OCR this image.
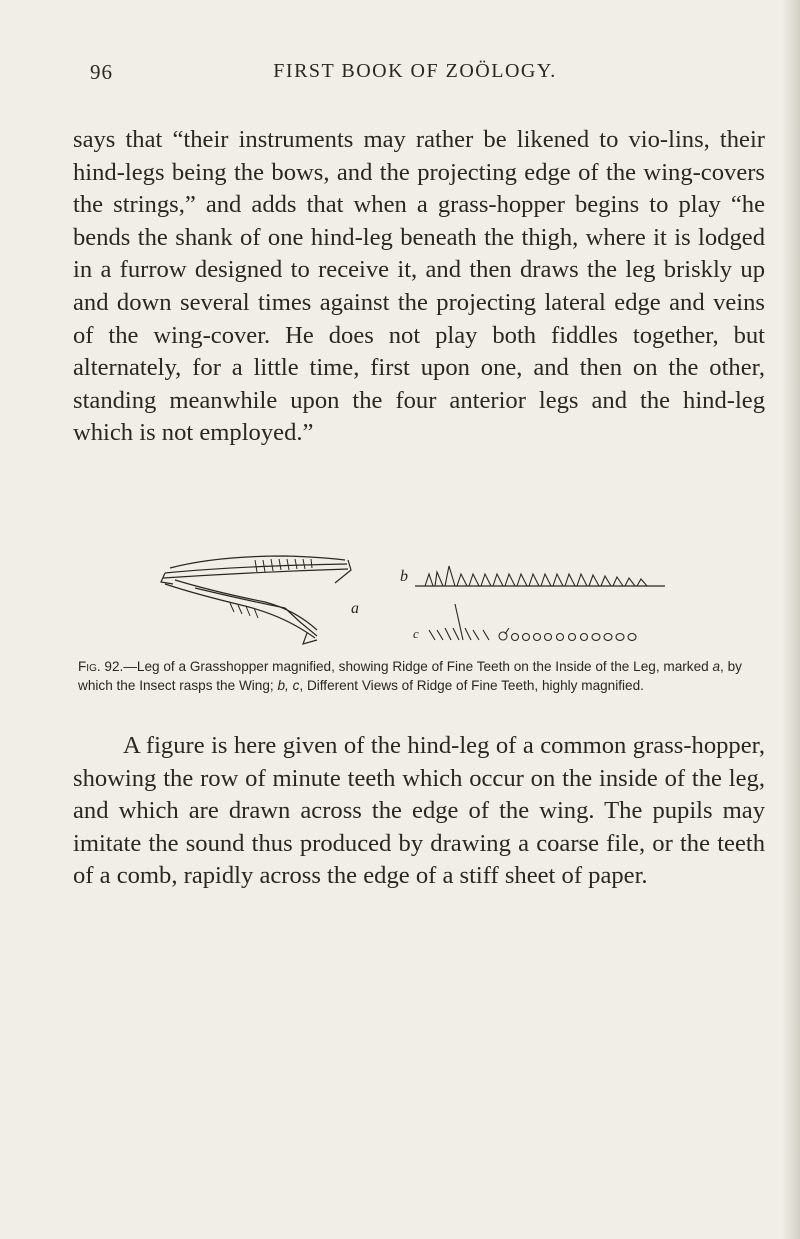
96	FIRST BOOK OF ZOÖLOGY.

says that “their instruments may rather be likened to vio-lins, their hind-legs being the bows, and the projecting edge of the wing-covers the strings,” and adds that when a grass-hopper begins to play “he bends the shank of one hind-leg beneath the thigh, where it is lodged in a furrow designed to receive it, and then draws the leg briskly up and down several times against the projecting lateral edge and veins of the wing-cover. He does not play both fiddles together, but alternately, for a little time, first upon one, and then on the other, standing meanwhile upon the four anterior legs and the hind-leg which is not employed.”

a
b
c

Fig. 92.—Leg of a Grasshopper magnified, showing Ridge of Fine Teeth on the Inside of the Leg, marked a, by which the Insect rasps the Wing; b, c, Different Views of Ridge of Fine Teeth, highly magnified.

A figure is here given of the hind-leg of a common grass-hopper, showing the row of minute teeth which occur on the inside of the leg, and which are drawn across the edge of the wing. The pupils may imitate the sound thus produced by drawing a coarse file, or the teeth of a comb, rapidly across the edge of a stiff sheet of paper.
